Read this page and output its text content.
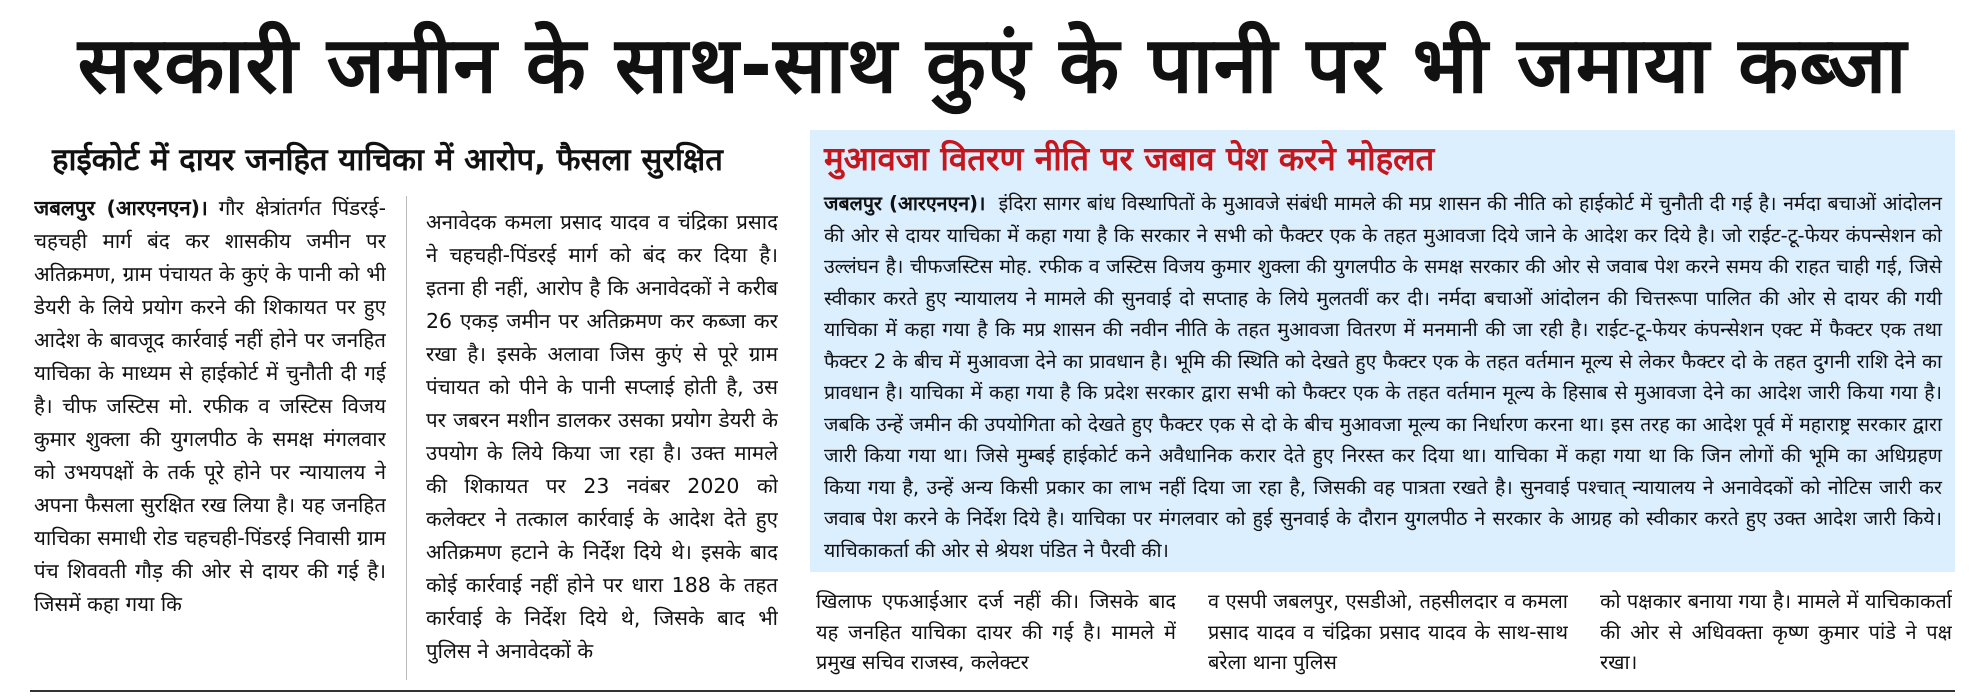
सरकारी जमीन के साथ-साथ कुएं के पानी पर भी जमाया कब्जा
हाईकोर्ट में दायर जनहित याचिका में आरोप, फैसला सुरक्षित

जबलपुर (आरएनएन)। गौर क्षेत्रांतर्गत पिंडरई-चहचही मार्ग बंद कर शासकीय जमीन पर अतिक्रमण, ग्राम पंचायत के कुएं के पानी को भी डेयरी के लिये प्रयोग करने की शिकायत पर हुए आदेश के बावजूद कार्रवाई नहीं होने पर जनहित याचिका के माध्यम से हाईकोर्ट में चुनौती दी गई है। चीफ जस्टिस मो. रफीक व जस्टिस विजय कुमार शुक्ला की युगलपीठ के समक्ष मंगलवार को उभयपक्षों के तर्क पूरे होने पर न्यायालय ने अपना फैसला सुरक्षित रख लिया है। यह जनहित याचिका समाधी रोड चहचही-पिंडरई निवासी ग्राम पंच शिववती गौड़ की ओर से दायर की गई है। जिसमें कहा गया कि

अनावेदक कमला प्रसाद यादव व चंद्रिका प्रसाद ने चहचही-पिंडरई मार्ग को बंद कर दिया है। इतना ही नहीं, आरोप है कि अनावेदकों ने करीब 26 एकड़ जमीन पर अतिक्रमण कर कब्जा कर रखा है। इसके अलावा जिस कुएं से पूरे ग्राम पंचायत को पीने के पानी सप्लाई होती है, उस पर जबरन मशीन डालकर उसका प्रयोग डेयरी के उपयोग के लिये किया जा रहा है। उक्त मामले की शिकायत पर 23 नवंबर 2020 को कलेक्टर ने तत्काल कार्रवाई के आदेश देते हुए अतिक्रमण हटाने के निर्देश दिये थे। इसके बाद कोई कार्रवाई नहीं होने पर धारा 188 के तहत कार्रवाई के निर्देश दिये थे, जिसके बाद भी पुलिस ने अनावेदकों के

मुआवजा वितरण नीति पर जबाव पेश करने मोहलत

जबलपुर (आरएनएन)। इंदिरा सागर बांध विस्थापितों के मुआवजे संबंधी मामले की मप्र शासन की नीति को हाईकोर्ट में चुनौती दी गई है। नर्मदा बचाओं आंदोलन की ओर से दायर याचिका में कहा गया है कि सरकार ने सभी को फैक्टर एक के तहत मुआवजा दिये जाने के आदेश कर दिये है। जो राईट-टू-फेयर कंपन्सेशन को उल्लंघन है। चीफजस्टिस मोह. रफीक व जस्टिस विजय कुमार शुक्ला की युगलपीठ के समक्ष सरकार की ओर से जवाब पेश करने समय की राहत चाही गई, जिसे स्वीकार करते हुए न्यायालय ने मामले की सुनवाई दो सप्ताह के लिये मुलतवीं कर दी। नर्मदा बचाओं आंदोलन की चित्तरूपा पालित की ओर से दायर की गयी याचिका में कहा गया है कि मप्र शासन की नवीन नीति के तहत मुआवजा वितरण में मनमानी की जा रही है। राईट-टू-फेयर कंपन्सेशन एक्ट में फैक्टर एक तथा फैक्टर 2 के बीच में मुआवजा देने का प्रावधान है। भूमि की स्थिति को देखते हुए फैक्टर एक के तहत वर्तमान मूल्य से लेकर फैक्टर दो के तहत दुगनी राशि देने का प्रावधान है। याचिका में कहा गया है कि प्रदेश सरकार द्वारा सभी को फैक्टर एक के तहत वर्तमान मूल्य के हिसाब से मुआवजा देने का आदेश जारी किया गया है। जबकि उन्हें जमीन की उपयोगिता को देखते हुए फैक्टर एक से दो के बीच मुआवजा मूल्य का निर्धारण करना था। इस तरह का आदेश पूर्व में महाराष्ट्र सरकार द्वारा जारी किया गया था। जिसे मुम्बई हाईकोर्ट कने अवैधानिक करार देते हुए निरस्त कर दिया था। याचिका में कहा गया था कि जिन लोगों की भूमि का अधिग्रहण किया गया है, उन्हें अन्य किसी प्रकार का लाभ नहीं दिया जा रहा है, जिसकी वह पात्रता रखते है। सुनवाई पश्चात् न्यायालय ने अनावेदकों को नोटिस जारी कर जवाब पेश करने के निर्देश दिये है। याचिका पर मंगलवार को हुई सुनवाई के दौरान युगलपीठ ने सरकार के आग्रह को स्वीकार करते हुए उक्त आदेश जारी किये। याचिकाकर्ता की ओर से श्रेयश पंडित ने पैरवी की।

खिलाफ एफआईआर दर्ज नहीं की। जिसके बाद यह जनहित याचिका दायर की गई है। मामले में प्रमुख सचिव राजस्व, कलेक्टर

व एसपी जबलपुर, एसडीओ, तहसीलदार व कमला प्रसाद यादव व चंद्रिका प्रसाद यादव के साथ-साथ बरेला थाना पुलिस

को पक्षकार बनाया गया है। मामले में याचिकाकर्ता की ओर से अधिवक्ता कृष्ण कुमार पांडे ने पक्ष रखा।
